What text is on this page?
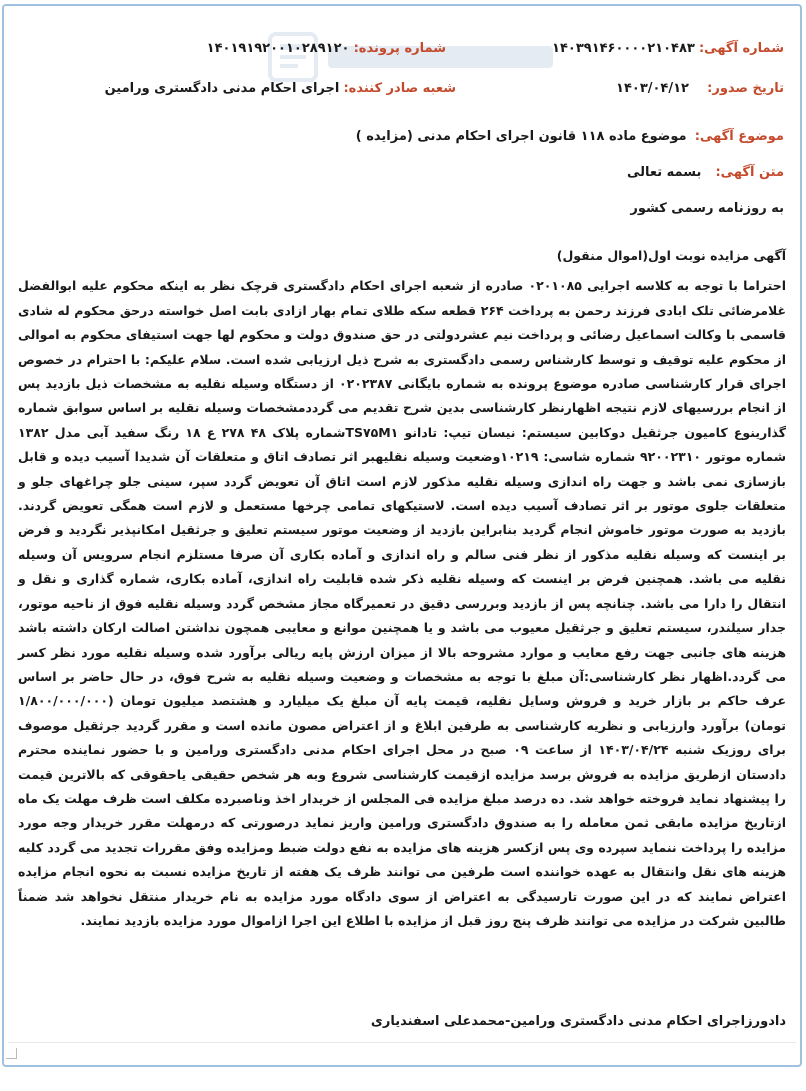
شماره آگهی: ۱۴۰۳۹۱۴۶۰۰۰۰۲۱۰۴۸۳
شماره پرونده: ۱۴۰۱۹۱۹۲۰۰۱۰۲۸۹۱۲۰
تاریخ صدور: ۱۴۰۳/۰۴/۱۲
شعبه صادر کننده: اجرای احکام مدنی دادگستری ورامین
موضوع آگهی: موضوع ماده ۱۱۸ قانون اجرای احکام مدنی (مزایده )
متن آگهی: بسمه تعالی
به روزنامه رسمی کشور
آگهی مزایده نوبت اول(اموال منقول)
احتراما با توجه به کلاسه اجرایی ۰۲۰۱۰۸۵ صادره از شعبه اجرای احکام دادگستری قرچک نظر به اینکه محکوم علیه ابوالفضل غلامرضائی تلک ابادی فرزند رحمن به پرداخت ۲۶۴ قطعه سکه طلای تمام بهار ازادی بابت اصل خواسته درحق محکوم له شادی قاسمی با وکالت اسماعیل رضائی و پرداخت نیم عشردولتی در حق صندوق دولت و محکوم لها جهت استیفای محکوم به اموالی از محکوم علیه توقیف و توسط کارشناس رسمی دادگستری به شرح ذیل ارزیابی شده است. سلام علیکم: با احترام در خصوص اجرای قرار کارشناسی صادره موضوع پرونده به شماره بایگانی ۰۲۰۲۳۸۷ از دستگاه وسیله نقلیه به مشخصات ذیل بازدید پس از انجام بررسیهای لازم نتیجه اظهارنظر کارشناسی بدین شرح تقدیم می گرددمشخصات وسیله نقلیه بر اساس سوابق شماره گذارینوع کامیون جرثقیل دوکابین سیستم: نیسان تیپ: تادانو TS۷۵M۱شماره پلاک ۴۸ ۲۷۸ ع ۱۸ رنگ سفید آبی مدل ۱۳۸۲ شماره موتور ۹۲۰۰۲۳۱۰ شماره شاسی: ۱۰۲۱۹وضعیت وسیله نقلیهبر اثر تصادف اتاق و متعلقات آن شدیدا آسیب دیده و قابل بازسازی نمی باشد و جهت راه اندازی وسیله نقلیه مذکور لازم است اتاق آن تعویض گردد سپر، سینی جلو چراغهای جلو و متعلقات جلوی موتور بر اثر تصادف آسیب دیده است. لاستیکهای تمامی چرخها مستعمل و لازم است همگی تعویض گردند. بازدید به صورت موتور خاموش انجام گردید بنابراین بازدید از وضعیت موتور سیستم تعلیق و جرثقیل امکانپذیر نگردید و فرض بر اینست که وسیله نقلیه مذکور از نظر فنی سالم و راه اندازی و آماده بکاری آن صرفا مستلزم انجام سرویس آن وسیله نقلیه می باشد. همچنین فرض بر اینست که وسیله نقلیه ذکر شده قابلیت راه اندازی، آماده بکاری، شماره گذاری و نقل و انتقال را دارا می باشد. چنانچه پس از بازدید وبررسی دقیق در تعمیرگاه مجاز مشخص گردد وسیله نقلیه فوق از ناحیه موتور، جدار سیلندر، سیستم تعلیق و جرثقیل معیوب می باشد و یا همچنین موانع و معایبی همچون نداشتن اصالت ارکان داشته باشد هزینه های جانبی جهت رفع معایب و موارد مشروحه بالا از میزان ارزش پایه ریالی برآورد شده وسیله نقلیه مورد نظر کسر می گردد.اظهار نظر کارشناسی:آن مبلغ با توجه به مشخصات و وضعیت وسیله نقلیه به شرح فوق، در حال حاضر بر اساس عرف حاکم بر بازار خرید و فروش وسایل نقلیه، قیمت پایه آن مبلغ یک میلیارد و هشتصد میلیون تومان (۱/۸۰۰/۰۰۰/۰۰۰ تومان) برآورد وارزیابی و نظریه کارشناسی به طرفین ابلاغ و از اعتراض مصون مانده است و مقرر گردید جرثقیل موصوف برای روزیک شنبه ۱۴۰۳/۰۴/۲۴ از ساعت ۰۹ صبح در محل اجرای احکام مدنی دادگستری ورامین و با حضور نماینده محترم دادستان ازطریق مزایده به فروش برسد مزایده ازقیمت کارشناسی شروع وبه هر شخص حقیقی یاحقوقی که بالاترین قیمت را پیشنهاد نماید فروخته خواهد شد. ده درصد مبلغ مزایده فی المجلس از خریدار اخذ وناصبرده مکلف است ظرف مهلت یک ماه ازتاریخ مزایده مابقی ثمن معامله را به صندوق دادگستری ورامین واریز نماید درصورتی که درمهلت مقرر خریدار وجه مورد مزایده را پرداخت ننماید سپرده وی پس ازکسر هزینه های مزایده به نفع دولت ضبط ومزایده وفق مقررات تجدید می گردد کلیه هزینه های نقل وانتقال به عهده خواننده است طرفین می توانند ظرف یک هفته از تاریخ مزایده نسبت به نحوه انجام مزایده اعتراض نمایند که در این صورت تارسیدگی به اعتراض از سوی دادگاه مورد مزایده به نام خریدار منتقل نخواهد شد ضمناً طالبین شرکت در مزایده می توانند ظرف پنج روز قبل از مزایده با اطلاع این اجرا ازاموال مورد مزایده بازدید نمایند.
دادورزاجرای احکام مدنی دادگستری ورامین-محمدعلی اسفندیاری
